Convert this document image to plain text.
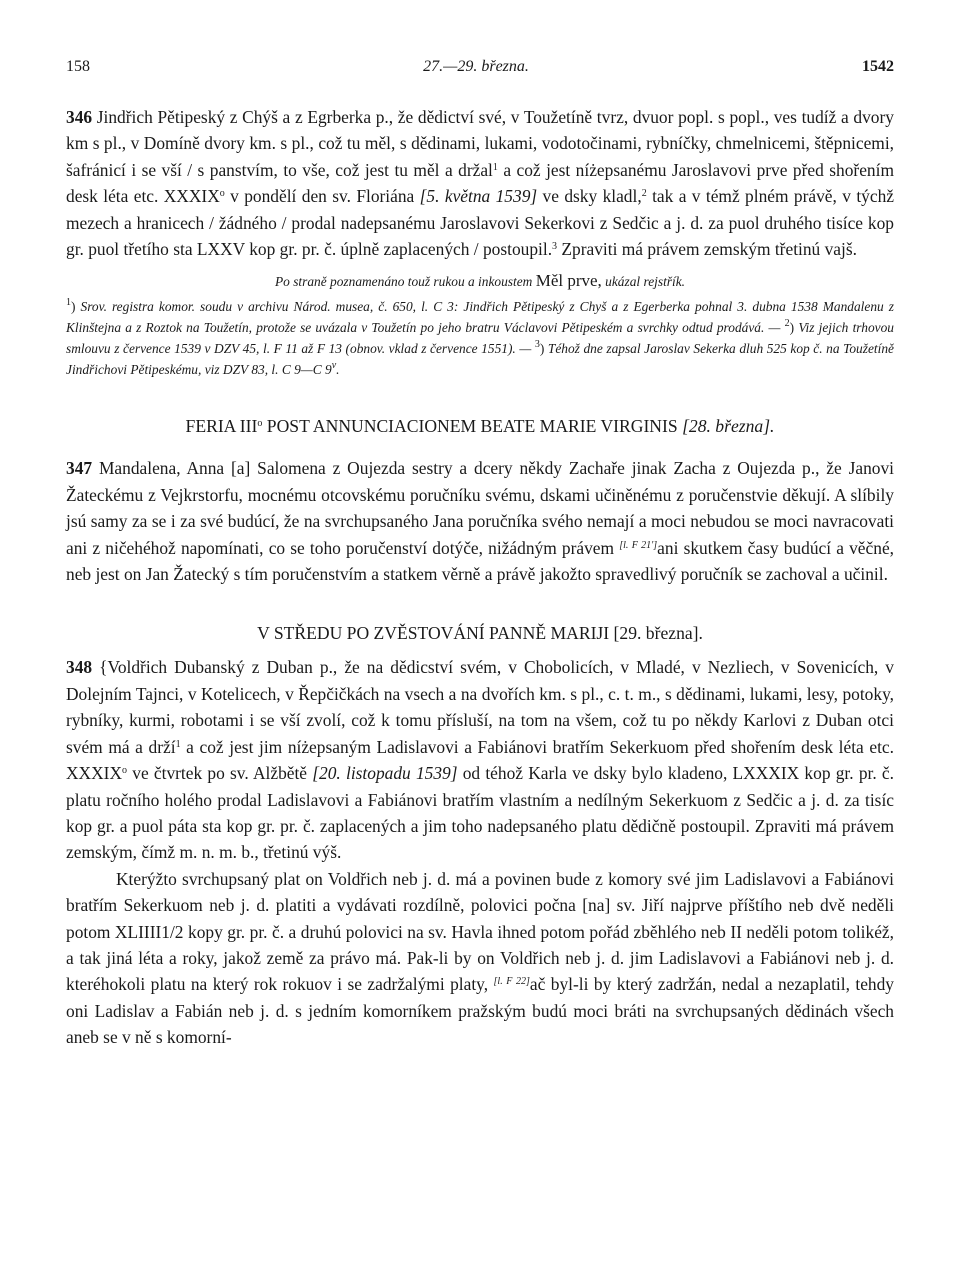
158	27.—29. března.	1542

346 Jindřich Pětipeský z Chýš a z Egrberka p., že dědictví své, v Toužetíně tvrz, dvuor popl. s popl., ves tudíž a dvory km s pl., v Domíně dvory km. s pl., což tu měl, s dědinami, lukami, vodotočinami, rybníčky, chmelnicemi, štěpnicemi, šafránicí i se vší / s panstvím, to vše, což jest tu měl a držal$^1$ a což jest níżepsanému Jaroslavovi prve před shořením desk léta etc. XXXIX$^o$ v pondělí den sv. Floriána [5. května 1539] ve dsky kladl,$^2$ tak a v témž plném právě, v týchž mezech a hranicech / žádného / prodal nadepsanému Jaroslavovi Sekerkovi z Sedčic a j. d. za puol druhého tisíce kop gr. puol třetího sta LXXV kop gr. pr. č. úplně zaplacených / postoupil.$^3$ Zpraviti má právem zemským třetinú vajš.

Po straně poznamenáno touž rukou a inkoustem Měl prve, ukázal rejstřík.

$^1$) Srov. registra komor. soudu v archivu Národ. musea, č. 650, l. C 3: Jindřich Pětipeský z Chyš a z Egerberka pohnal 3. dubna 1538 Mandalenu z Klinštejna a z Roztok na Toužetín, protože se uvázala v Toužetín po jeho bratru Václavovi Pětipeském a svrchky odtud prodává. — $^2$) Viz jejich trhovou smlouvu z července 1539 v DZV 45, l. F 11 až F 13 (obnov. vklad z července 1551). — $^3$) Téhož dne zapsal Jaroslav Sekerka dluh 525 kop č. na Toužetíně Jindřichovi Pětipeskému, viz DZV 83, l. C 9—C 9$^v$.

FERIA III$^o$ POST ANNUNCIACIONEM BEATE MARIE VIRGINIS [28. března].

347 Mandalena, Anna [a] Salomena z Oujezda sestry a dcery někdy Zachaře jinak Zacha z Oujezda p., že Janovi Žateckému z Vejkrstorfu, mocnému otcovskému poručníku svému, dskami učiněnému z poručenstvie děkují. A slíbily jsú samy za se i za své budúcí, že na svrchupsaného Jana poručníka svého nemají a moci nebudou se moci navracovati ani z ničehéhož napomínati, co se toho poručenství dotýče, nižádným právem [l. F 21']ani skutkem časy budúcí a věčné, neb jest on Jan Žatecký s tím poručenstvím a statkem věrně a právě jakožto spravedlivý poručník se zachoval a učinil.

V STŘEDU PO ZVĚSTOVÁNÍ PANNĚ MARIJI [29. března].

348 {Voldřich Dubanský z Duban p., že na dědicství svém, v Chobolicích, v Mladé, v Nezliech, v Sovenicích, v Dolejním Tajnci, v Kotelicech, v Řepčičkách na vsech a na dvořích km. s pl., c. t. m., s dědinami, lukami, lesy, potoky, rybníky, kurmi, robotami i se vší zvolí, což k tomu přísluší, na tom na všem, což tu po někdy Karlovi z Duban otci svém má a drží$^1$ a což jest jim níżepsaným Ladislavovi a Fabiánovi bratřím Sekerkuom před shořením desk léta etc. XXXIX$^o$ ve čtvrtek po sv. Alžbětě [20. listopadu 1539] od téhož Karla ve dsky bylo kladeno, LXXXIX kop gr. pr. č. platu ročního holého prodal Ladislavovi a Fabiánovi bratřím vlastním a nedílným Sekerkuom z Sedčic a j. d. za tisíc kop gr. a puol páta sta kop gr. pr. č. zaplacených a jim toho nadepsaného platu dědičně postoupil. Zpraviti má právem zemským, čímž m. n. m. b., třetinú výš.

Kterýžto svrchupsaný plat on Voldřich neb j. d. má a povinen bude z komory své jim Ladislavovi a Fabiánovi bratřím Sekerkuom neb j. d. platiti a vydávati rozdílně, polovici počna [na] sv. Jiří najprve příštího neb dvě neděli potom XLIIII1/2 kopy gr. pr. č. a druhú polovici na sv. Havla ihned potom pořád zběhlého neb II neděli potom tolikéž, a tak jiná léta a roky, jakož země za právo má. Pak-li by on Voldřich neb j. d. jim Ladislavovi a Fabiánovi neb j. d. kteréhokoli platu na který rok rokuov i se zadržalými platy, [l. F 22]ač byl-li by který zadržán, nedal a nezaplatil, tehdy oni Ladislav a Fabián neb j. d. s jedním komorníkem pražským budú moci bráti na svrchupsaných dědinách všech aneb se v ně s komorní-
